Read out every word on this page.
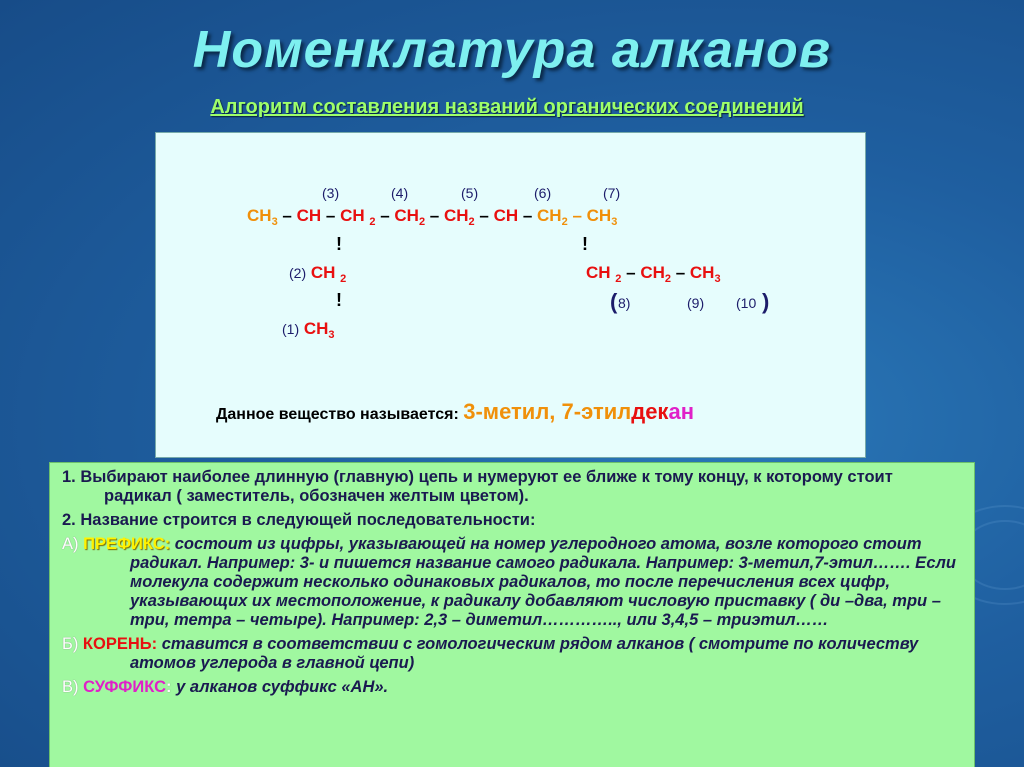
Номенклатура алканов
Алгоритм составления названий органических соединений
(3)	(4)	(5)	(6)	(7)
$CH_3$ – CH – CH $_2 - CH_2 - CH_2$ – CH – $CH_2 - CH_3$
!	!
(2) CH $_2$	CH $_2 - CH_2 - CH_3$
!	( 8)	(9) (10 )
(1) $CH_3$
Данное вещество называется: 3-метил, 7-этилдекан
1. Выбирают наиболее длинную (главную) цепь и нумеруют ее ближе к тому концу, к которому стоит радикал ( заместитель, обозначен желтым цветом).
2. Название строится в следующей последовательности:
А) ПРЕФИКС: состоит из цифры, указывающей на номер углеродного атома, возле которого стоит радикал. Например: 3- и пишется название самого радикала. Например: 3-метил,7-этил……. Если молекула содержит несколько одинаковых радикалов, то после перечисления всех цифр, указывающих их местоположение, к радикалу добавляют числовую приставку ( ди –два, три – три, тетра – четыре). Например: 2,3 – диметил………….., или 3,4,5 – триэтил……
Б) КОРЕНЬ: ставится в соответствии с гомологическим рядом алканов ( смотрите по количеству атомов углерода в главной цепи)
В) СУФФИКС: у алканов суффикс «АН».
